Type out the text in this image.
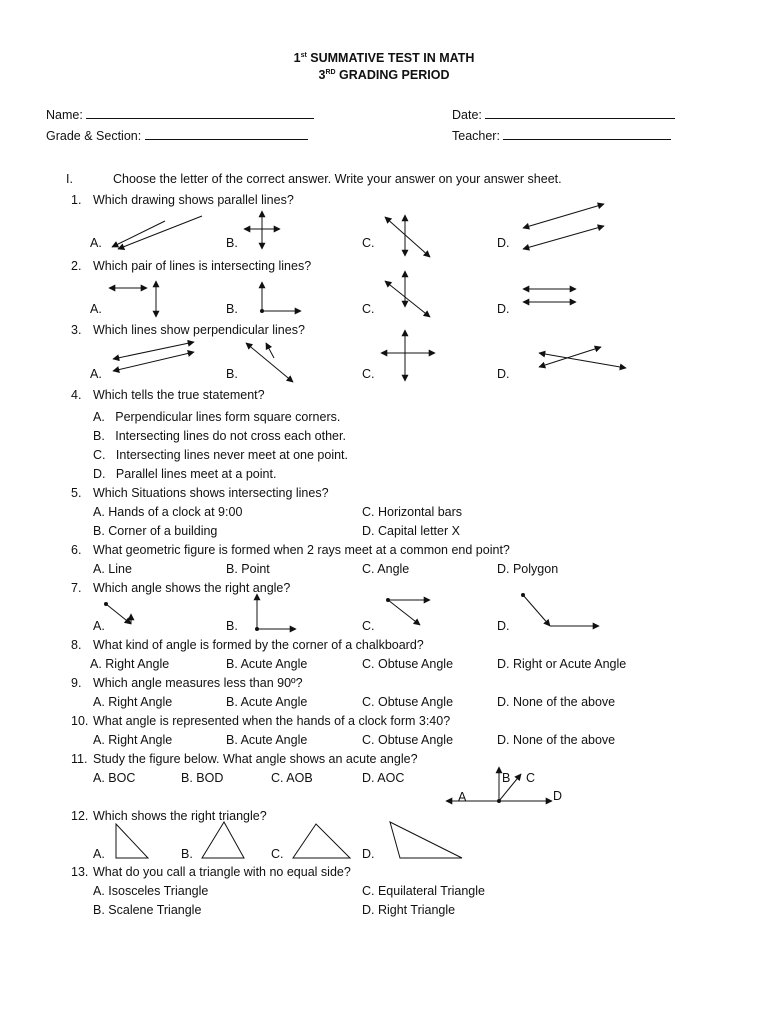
1st SUMMATIVE TEST IN MATH
3RD GRADING PERIOD
Name:	Date:
Grade & Section:	Teacher:
I.	Choose the letter of the correct answer. Write your answer on your answer sheet.
1. Which drawing shows parallel lines?
A.	B.	C.	D.
2. Which pair of lines is intersecting lines?
A.	B.	C.	D.
3. Which lines show perpendicular lines?
A.	B.	C.	D.
4. Which tells the true statement?
A. Perpendicular lines form square corners.
B. Intersecting lines do not cross each other.
C. Intersecting lines never meet at one point.
D. Parallel lines meet at a point.
5. Which Situations shows intersecting lines?
A. Hands of a clock at 9:00	C. Horizontal bars
B. Corner of a building	D. Capital letter X
6. What geometric figure is formed when 2 rays meet at a common end point?
A. Line	B. Point	C. Angle	D. Polygon
7. Which angle shows the right angle?
A.	B.	C.	D.
8. What kind of angle is formed by the corner of a chalkboard?
A. Right Angle	B. Acute Angle	C. Obtuse Angle	D. Right or Acute Angle
9. Which angle measures less than 90º?
A. Right Angle	B. Acute Angle	C. Obtuse Angle	D. None of the above
10. What angle is represented when the hands of a clock form 3:40?
A. Right Angle	B. Acute Angle	C. Obtuse Angle	D. None of the above
11. Study the figure below. What angle shows an acute angle?
A. BOC	B. BOD	C. AOB	D. AOC
12. Which shows the right triangle?
A.	B.	C.	D.
13. What do you call a triangle with no equal side?
A. Isosceles Triangle	C. Equilateral Triangle
B. Scalene Triangle	D. Right Triangle
A
B C
D
